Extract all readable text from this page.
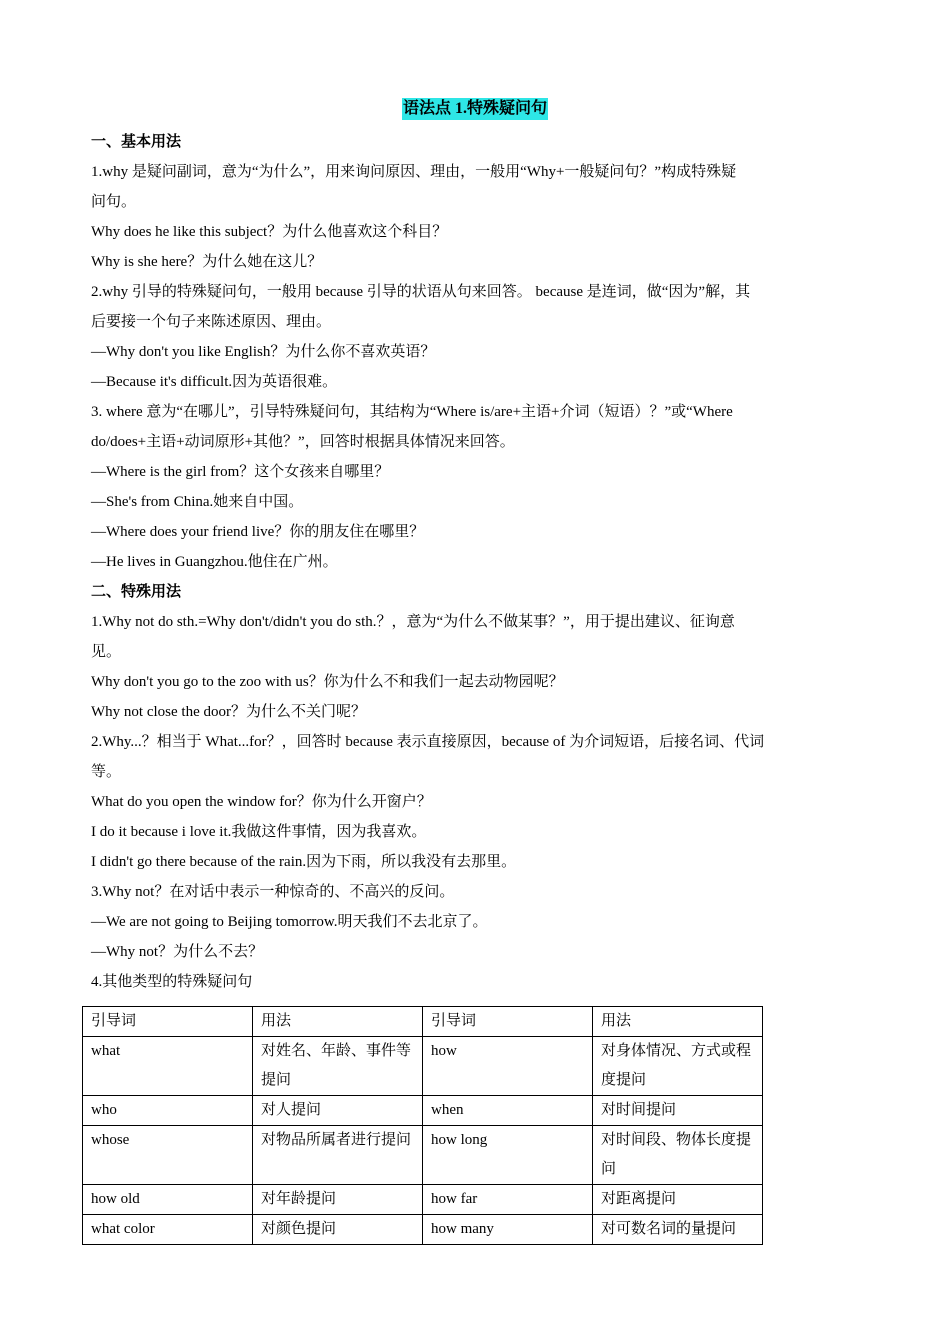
语法点 1.特殊疑问句

一、基本用法

1.why 是疑问副词，意为“为什么”，用来询问原因、理由，一般用“Why+一般疑问句？”构成特殊疑

问句。

Why does he like this subject？为什么他喜欢这个科目？

Why is she here？为什么她在这儿？

2.why 引导的特殊疑问句，一般用 because 引导的状语从句来回答。 because 是连词，做“因为”解，其

后要接一个句子来陈述原因、理由。

—Why don't you like English？为什么你不喜欢英语？

—Because it's difficult.因为英语很难。

3. where 意为“在哪儿”，引导特殊疑问句，其结构为“Where is/are+主语+介词（短语）？”或“Where

do/does+主语+动词原形+其他？”，回答时根据具体情况来回答。

—Where is the girl from？这个女孩来自哪里？

—She's from China.她来自中国。

—Where does your friend live？你的朋友住在哪里？

—He lives in Guangzhou.他住在广州。

二、特殊用法

1.Why not do sth.=Why don't/didn't you do sth.？，意为“为什么不做某事？”，用于提出建议、征询意

见。

Why don't you go to the zoo with us？你为什么不和我们一起去动物园呢？

Why not close the door？为什么不关门呢？

2.Why...？相当于 What...for？，回答时 because 表示直接原因，because of 为介词短语，后接名词、代词

等。

What do you open the window for？你为什么开窗户？

I do it because i love it.我做这件事情，因为我喜欢。

I didn't go there because of the rain.因为下雨，所以我没有去那里。

3.Why not？在对话中表示一种惊奇的、不高兴的反问。

—We are not going to Beijing tomorrow.明天我们不去北京了。

—Why not？为什么不去？

4.其他类型的特殊疑问句

引导词	用法	引导词	用法
what	对姓名、年龄、事件等提问	how	对身体情况、方式或程度提问
who	对人提问	when	对时间提问
whose	对物品所属者进行提问	how long	对时间段、物体长度提问
how old	对年龄提问	how far	对距离提问
what color	对颜色提问	how many	对可数名词的量提问
